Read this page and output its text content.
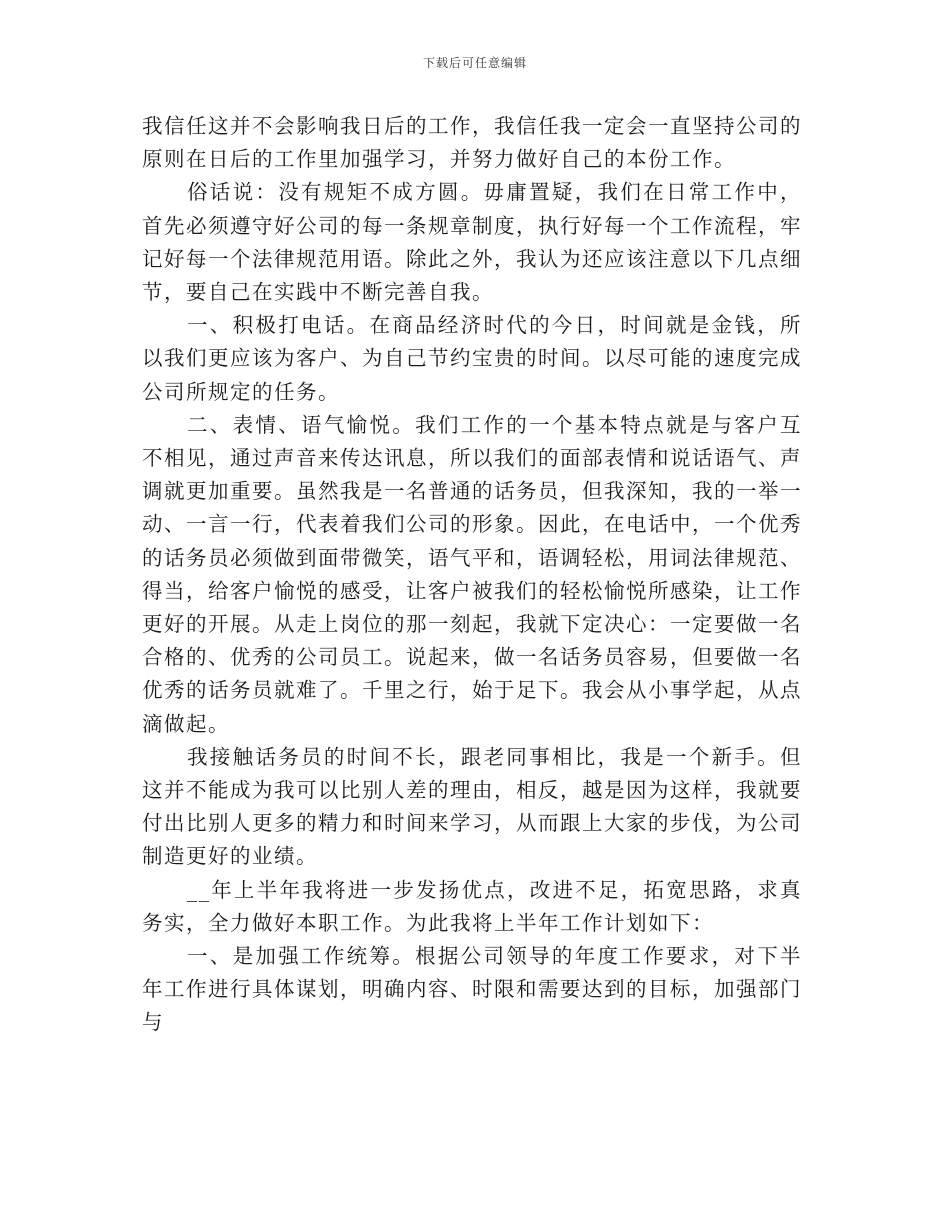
下载后可任意编辑

我信任这并不会影响我日后的工作，我信任我一定会一直坚持公司的原则在日后的工作里加强学习，并努力做好自己的本份工作。

俗话说：没有规矩不成方圆。毋庸置疑，我们在日常工作中，首先必须遵守好公司的每一条规章制度，执行好每一个工作流程，牢记好每一个法律规范用语。除此之外，我认为还应该注意以下几点细节，要自己在实践中不断完善自我。

一、积极打电话。在商品经济时代的今日，时间就是金钱，所以我们更应该为客户、为自己节约宝贵的时间。以尽可能的速度完成公司所规定的任务。

二、表情、语气愉悦。我们工作的一个基本特点就是与客户互不相见，通过声音来传达讯息，所以我们的面部表情和说话语气、声调就更加重要。虽然我是一名普通的话务员，但我深知，我的一举一动、一言一行，代表着我们公司的形象。因此，在电话中，一个优秀的话务员必须做到面带微笑，语气平和，语调轻松，用词法律规范、得当，给客户愉悦的感受，让客户被我们的轻松愉悦所感染，让工作更好的开展。从走上岗位的那一刻起，我就下定决心：一定要做一名合格的、优秀的公司员工。说起来，做一名话务员容易，但要做一名优秀的话务员就难了。千里之行，始于足下。我会从小事学起，从点滴做起。

我接触话务员的时间不长，跟老同事相比，我是一个新手。但这并不能成为我可以比别人差的理由，相反，越是因为这样，我就要付出比别人更多的精力和时间来学习，从而跟上大家的步伐，为公司制造更好的业绩。

__年上半年我将进一步发扬优点，改进不足，拓宽思路，求真务实，全力做好本职工作。为此我将上半年工作计划如下：

一、是加强工作统筹。根据公司领导的年度工作要求，对下半年工作进行具体谋划，明确内容、时限和需要达到的目标，加强部门与
